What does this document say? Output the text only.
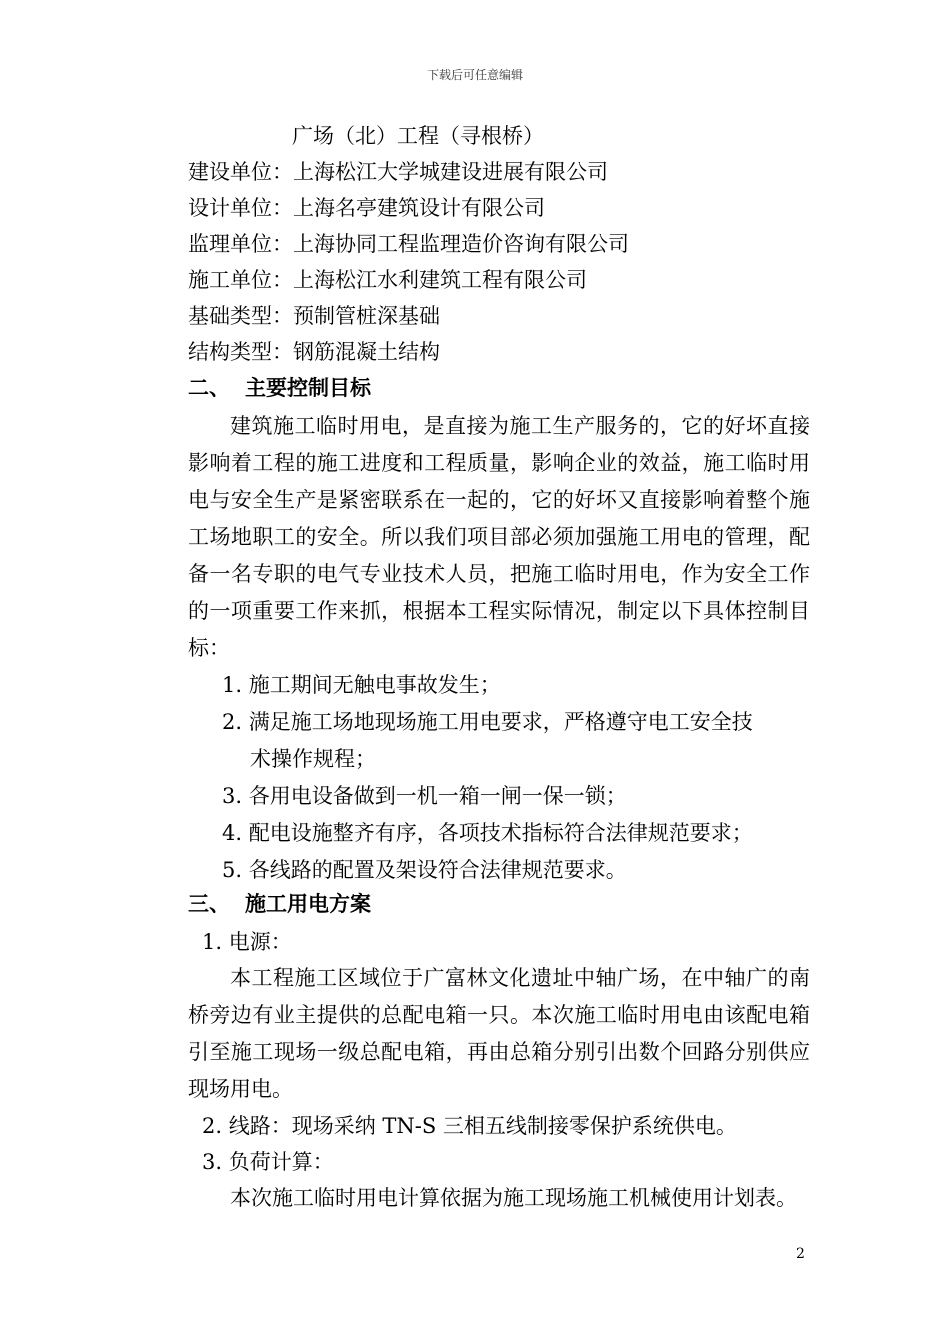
下载后可任意编辑
广场（北）工程（寻根桥）
建设单位：上海松江大学城建设进展有限公司
设计单位：上海名亭建筑设计有限公司
监理单位：上海协同工程监理造价咨询有限公司
施工单位：上海松江水利建筑工程有限公司
基础类型：预制管桩深基础
结构类型：钢筋混凝土结构
二、 主要控制目标
建筑施工临时用电，是直接为施工生产服务的，它的好坏直接影响着工程的施工进度和工程质量，影响企业的效益，施工临时用电与安全生产是紧密联系在一起的，它的好坏又直接影响着整个施工场地职工的安全。所以我们项目部必须加强施工用电的管理，配备一名专职的电气专业技术人员，把施工临时用电，作为安全工作的一项重要工作来抓，根据本工程实际情况，制定以下具体控制目标：
1. 施工期间无触电事故发生；
2. 满足施工场地现场施工用电要求，严格遵守电工安全技
术操作规程；
3. 各用电设备做到一机一箱一闸一保一锁；
4. 配电设施整齐有序，各项技术指标符合法律规范要求；
5. 各线路的配置及架设符合法律规范要求。
三、 施工用电方案
1. 电源：
本工程施工区域位于广富林文化遗址中轴广场，在中轴广的南桥旁边有业主提供的总配电箱一只。本次施工临时用电由该配电箱引至施工现场一级总配电箱，再由总箱分别引出数个回路分别供应现场用电。
2. 线路：现场采纳 TN-S 三相五线制接零保护系统供电。
3. 负荷计算：
本次施工临时用电计算依据为施工现场施工机械使用计划表。
2
